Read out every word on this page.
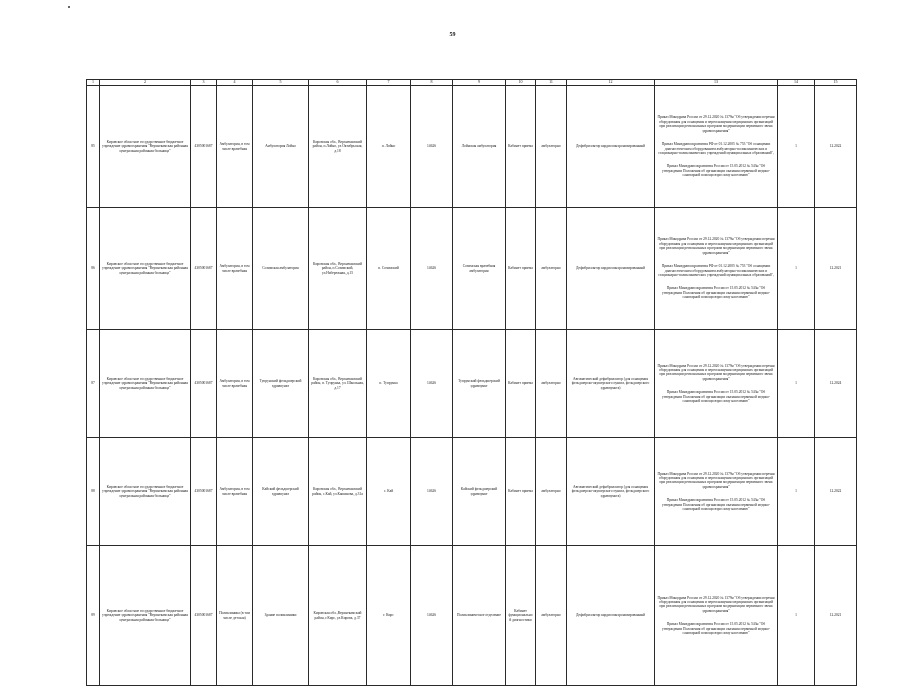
59
1	2	3	4	5	6	7	8	9	10	11	12	13	14	15
85	Кировское областное государственное бюджетное учреждение здравоохранения "Верхнекамская районная центральная районная больница"	4305001687	Амбулатория, в том числе врачебная	Амбулатория Лойно	Кировская обл., Верхнекамский район, п.Лойно, ул.Октябрьская, д.18	п. Лойно	14626	Лойнская амбулатория	Кабинет приема	амбулаторно	Дефибриллятор кардиосинхронизированный	Приказ Минздрава России от 29.12.2020 № 1379н "Об утверждении перечня оборудования для оснащения и переоснащения медицинских организаций при реализации региональных программ модернизации первичного звена здравоохранения"

Приказ Минздравсоцразвития РФ от 01.12.2005 № 753 "Об оснащении диагностическим оборудованием амбулаторно-поликлинических и стационарно-поликлинических учреждений муниципальных образований",

Приказ Минздравсоцразвития России от 15.05.2012 № 543н "Об утверждении Положения об организации оказания первичной медико-санитарной помощи взрослому населению"	1	12.2022
86	Кировское областное государственное бюджетное учреждение здравоохранения "Верхнекамская районная центральная районная больница"	4305001687	Амбулатория, в том числе врачебная	Созимская амбулатория	Кировская обл., Верхнекамский район, п.Созимский, ул.Набережная, д.15	п. Созимский	14626	Созимская врачебная амбулатория	Кабинет приема	амбулаторно	Дефибриллятор кардиосинхронизированный	Приказ Минздрава России от 29.12.2020 № 1379н "Об утверждении перечня оборудования для оснащения и переоснащения медицинских организаций при реализации региональных программ модернизации первичного звена здравоохранения"

Приказ Минздравсоцразвития РФ от 01.12.2005 № 753 "Об оснащении диагностическим оборудованием амбулаторно-поликлинических и стационарно-поликлинических учреждений муниципальных образований",

Приказ Минздравсоцразвития России от 15.05.2012 № 543н "Об утверждении Положения об организации оказания первичной медико-санитарной помощи взрослому населению"	1	12.2021
87	Кировское областное государственное бюджетное учреждение здравоохранения "Верхнекамская районная центральная районная больница"	4305001687	Амбулатория, в том числе врачебная	Тупрунский фельдшерский здравпункт	Кировская обл., Верхнекамский район, п. Тупрунка, ул. Школьная, д.17	п. Тупрунка	14626	Тупрунский фельдшерский здравпункт	Кабинет приема	амбулаторно	Автоматический дефибриллятор (для оснащения фельдшерско-акушерского пункта, фельдшерского здравпункта)	Приказ Минздрава России от 29.12.2020 № 1379н "Об утверждении перечня оборудования для оснащения и переоснащения медицинских организаций при реализации региональных программ модернизации первичного звена здравоохранения"

Приказ Минздравсоцразвития России от 15.05.2012 № 543н "Об утверждении Положения об организации оказания первичной медико-санитарной помощи взрослому населению"	1	12.2024
88	Кировское областное государственное бюджетное учреждение здравоохранения "Верхнекамская районная центральная районная больница"	4305001687	Амбулатория, в том числе врачебная	Кайский фельдшерский здравпункт	Кировская обл., Верхнекамский район, с.Кай, ул.Кашинова, д.31а	с. Кай	14626	Кайский фельдшерский здравпункт	Кабинет приема	амбулаторно	Автоматический дефибриллятор (для оснащения фельдшерско-акушерского пункта, фельдшерского здравпункта)	Приказ Минздрава России от 29.12.2020 № 1379н "Об утверждении перечня оборудования для оснащения и переоснащения медицинских организаций при реализации региональных программ модернизации первичного звена здравоохранения"

Приказ Минздравсоцразвития России от 15.05.2012 № 543н "Об утверждении Положения об организации оказания первичной медико-санитарной помощи взрослому населению"	1	12.2022
89	Кировское областное государственное бюджетное учреждение здравоохранения "Верхнекамская районная центральная районная больница"	4305001687	Поликлиника (в том числе детская)	Здание поликлиники	Кировская обл.,Верхнекамский район, г.Кирс, ул.Кирова, д.37	г. Кирс	14626	Поликлиническое отделение	Кабинет функциональной диагностики	амбулаторно	Дефибриллятор кардиосинхронизированный	Приказ Минздрава России от 29.12.2020 № 1379н "Об утверждении перечня оборудования для оснащения и переоснащения медицинских организаций при реализации региональных программ модернизации первичного звена здравоохранения"

Приказ Минздравсоцразвития России от 15.05.2012 № 543н "Об утверждении Положения об организации оказания первичной медико-санитарной помощи взрослому населению"	1	12.2021
